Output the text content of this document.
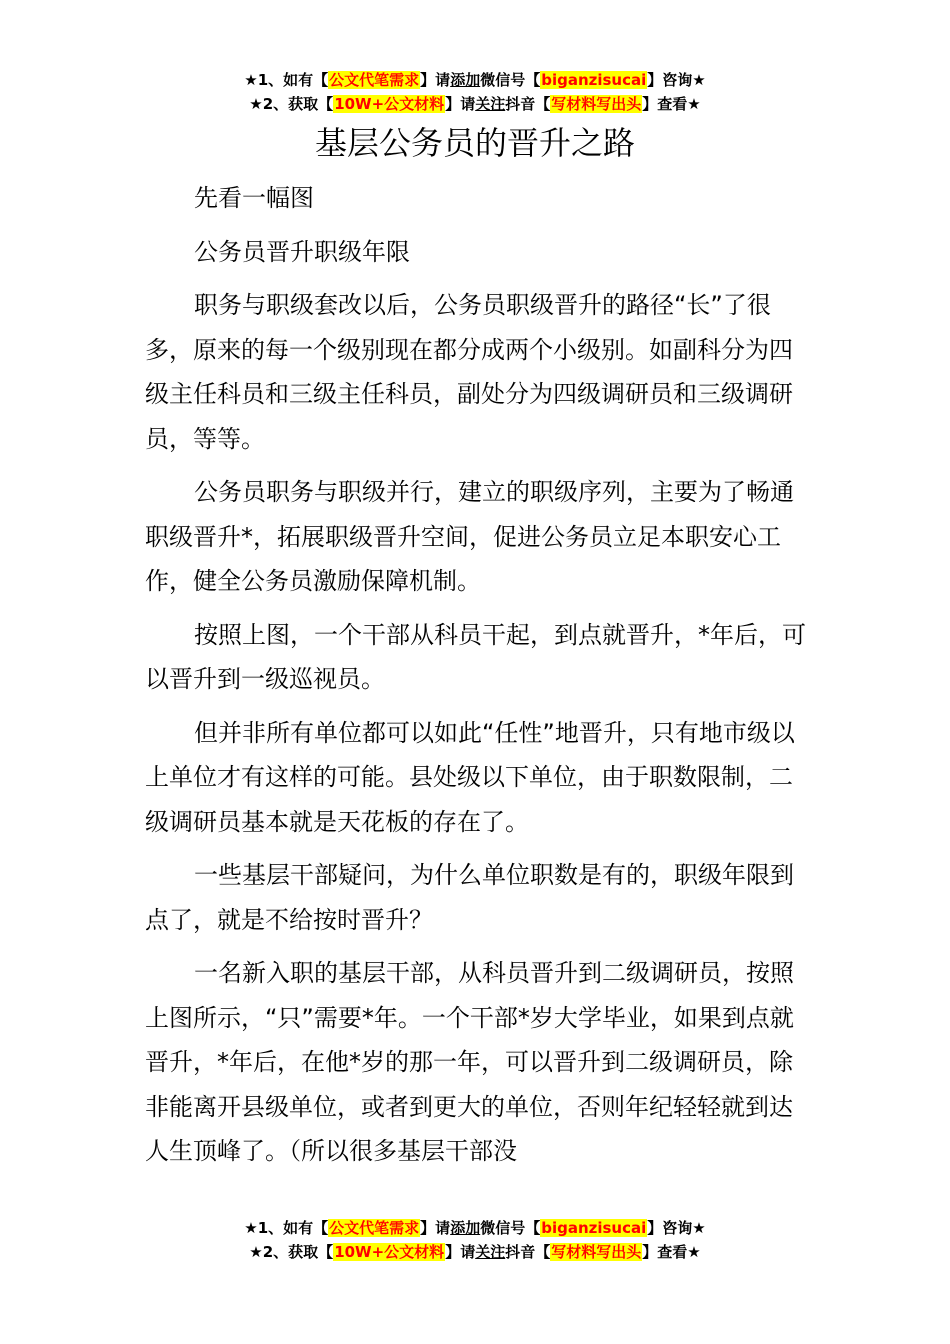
★1、如有【公文代笔需求】请添加微信号【biganzisucai】咨询★
★2、获取【10W+公文材料】请关注抖音【写材料写出头】查看★
基层公务员的晋升之路

先看一幅图

公务员晋升职级年限

职务与职级套改以后，公务员职级晋升的路径“长”了很多，原来的每一个级别现在都分成两个小级别。如副科分为四级主任科员和三级主任科员，副处分为四级调研员和三级调研员，等等。

公务员职务与职级并行，建立的职级序列，主要为了畅通职级晋升*，拓展职级晋升空间，促进公务员立足本职安心工作，健全公务员激励保障机制。

按照上图，一个干部从科员干起，到点就晋升，*年后，可以晋升到一级巡视员。

但并非所有单位都可以如此“任性”地晋升，只有地市级以上单位才有这样的可能。县处级以下单位，由于职数限制，二级调研员基本就是天花板的存在了。

一些基层干部疑问，为什么单位职数是有的，职级年限到点了，就是不给按时晋升？

一名新入职的基层干部，从科员晋升到二级调研员，按照上图所示，“只”需要*年。一个干部*岁大学毕业，如果到点就晋升，*年后，在他*岁的那一年，可以晋升到二级调研员，除非能离开县级单位，或者到更大的单位，否则年纪轻轻就到达人生顶峰了。（所以很多基层干部没

★1、如有【公文代笔需求】请添加微信号【biganzisucai】咨询★
★2、获取【10W+公文材料】请关注抖音【写材料写出头】查看★
